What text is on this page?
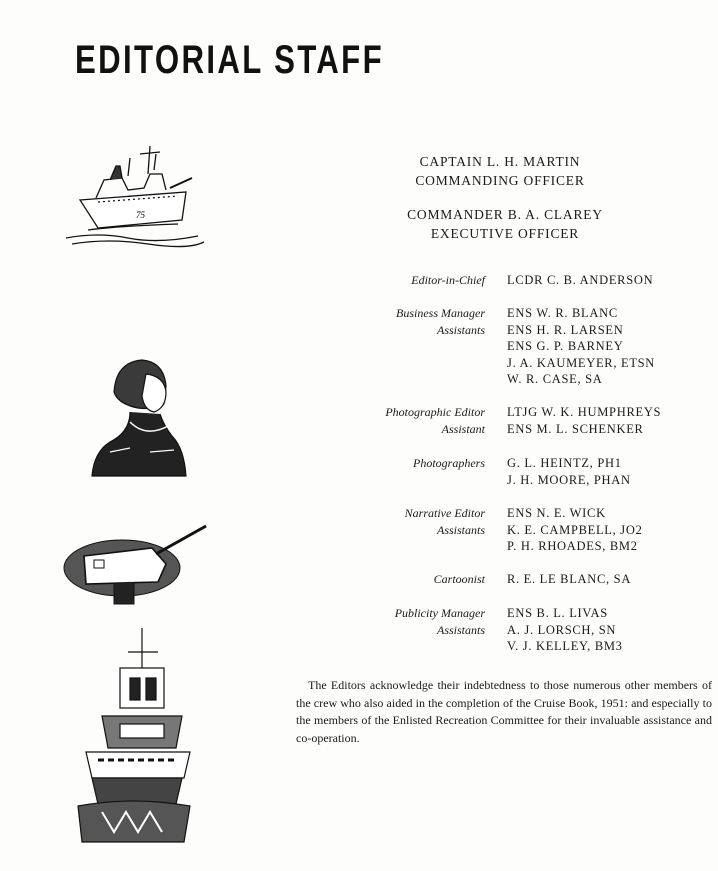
EDITORIAL STAFF
CAPTAIN L. H. MARTIN
COMMANDING OFFICER
COMMANDER B. A. CLAREY
EXECUTIVE OFFICER
Editor-in-Chief LCDR C. B. ANDERSON
Business Manager
Assistants
ENS W. R. BLANC
ENS H. R. LARSEN
ENS G. P. BARNEY
J. A. KAUMEYER, ETSN
W. R. CASE, SA
Photographic Editor
Assistant
LTJG W. K. HUMPHREYS
ENS M. L. SCHENKER
Photographers G. L. HEINTZ, PH1
J. H. MOORE, PHAN
Narrative Editor
Assistants
ENS N. E. WICK
K. E. CAMPBELL, JO2
P. H. RHOADES, BM2
Cartoonist R. E. LE BLANC, SA
Publicity Manager
Assistants
ENS B. L. LIVAS
A. J. LORSCH, SN
V. J. KELLEY, BM3

The Editors acknowledge their indebtedness to those numerous other members of the crew who also aided in the completion of the Cruise Book, 1951: and especially to the members of the Enlisted Recreation Committee for their invaluable assistance and co-operation.

75
